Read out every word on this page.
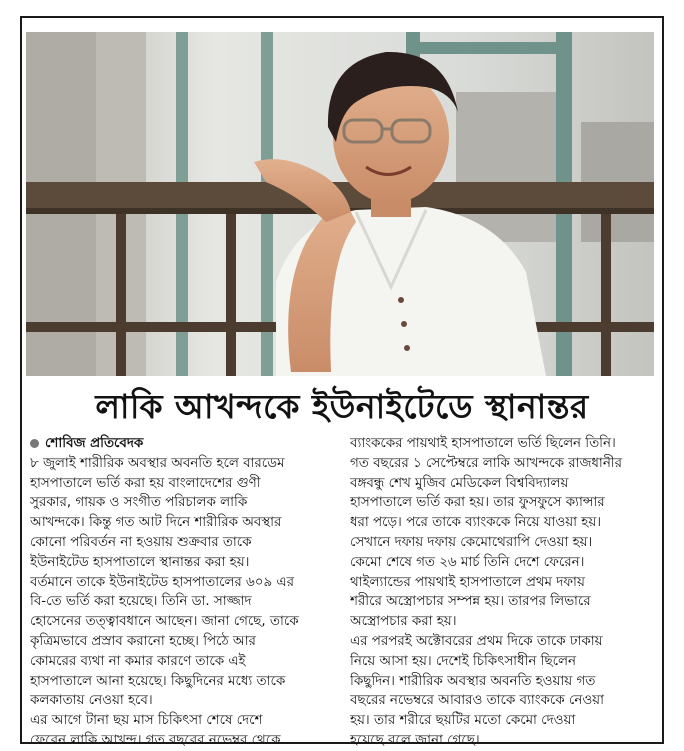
লাকি আখন্দকে ইউনাইটেডে স্থানান্তর

শোবিজ প্রতিবেদক

৮ জুলাই শারীরিক অবস্থার অবনতি হলে বারডেম

হাসপাতালে ভর্তি করা হয় বাংলাদেশের গুণী

সুরকার, গায়ক ও সংগীত পরিচালক লাকি

আখন্দকে। কিন্তু গত আট দিনে শারীরিক অবস্থার

কোনো পরিবর্তন না হওয়ায় শুক্রবার তাকে

ইউনাইটেড হাসপাতালে স্থানান্তর করা হয়।

বর্তমানে তাকে ইউনাইটেড হাসপাতালের ৬০৯ এর

বি-তে ভর্তি করা হয়েছে। তিনি ডা. সাজ্জাদ

হোসেনের তত্ত্বাবধানে আছেন। জানা গেছে, তাকে

কৃত্রিমভাবে প্রস্রাব করানো হচ্ছে। পিঠে আর

কোমরের ব্যথা না কমার কারণে তাকে এই

হাসপাতালে আনা হয়েছে। কিছুদিনের মধ্যে তাকে

কলকাতায় নেওয়া হবে।

এর আগে টানা ছয় মাস চিকিৎসা শেষে দেশে

ফেরেন লাকি আখন্দ। গত বছরের নভেম্বর থেকে

ব্যাংককের পায়থাই হাসপাতালে ভর্তি ছিলেন তিনি।

গত বছরের ১ সেপ্টেম্বরে লাকি আখন্দকে রাজধানীর

বঙ্গবন্ধু শেখ মুজিব মেডিকেল বিশ্ববিদ্যালয়

হাসপাতালে ভর্তি করা হয়। তার ফুসফুসে ক্যান্সার

ধরা পড়ে। পরে তাকে ব্যাংককে নিয়ে যাওয়া হয়।

সেখানে দফায় দফায় কেমোথেরাপি দেওয়া হয়।

কেমো শেষে গত ২৬ মার্চ তিনি দেশে ফেরেন।

থাইল্যান্ডের পায়থাই হাসপাতালে প্রথম দফায়

শরীরে অস্ত্রোপচার সম্পন্ন হয়। তারপর লিভারে

অস্ত্রোপচার করা হয়।

এর পরপরই অক্টোবরের প্রথম দিকে তাকে ঢাকায়

নিয়ে আসা হয়। দেশেই চিকিৎসাধীন ছিলেন

কিছুদিন। শারীরিক অবস্থার অবনতি হওয়ায় গত

বছরের নভেম্বরে আবারও তাকে ব্যাংককে নেওয়া

হয়। তার শরীরে ছয়টির মতো কেমো দেওয়া

হয়েছে বলে জানা গেছে।
